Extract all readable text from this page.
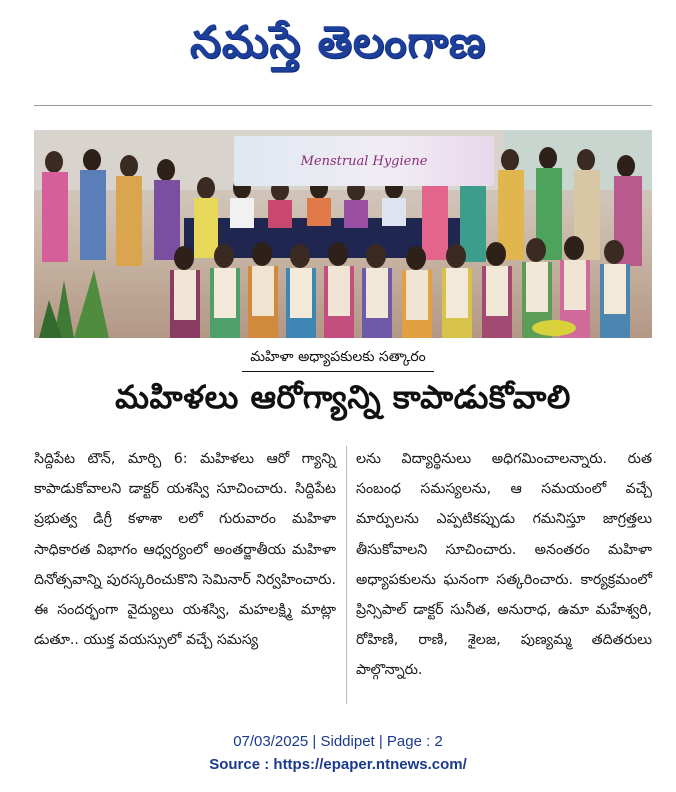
నమస్తే తెలంగాణ
Menstrual Hygiene
మహిళా అధ్యాపకులకు సత్కారం
మహిళలు ఆరోగ్యాన్ని కాపాడుకోవాలి
సిద్దిపేట టౌన్, మార్చి 6: మహిళలు ఆరో గ్యాన్ని కాపాడుకోవాలని డాక్టర్ యశస్వి సూచించారు. సిద్దిపేట ప్రభుత్వ డిగ్రీ కళాశా లలో గురువారం మహిళా సాధికారత విభాగం ఆధ్వర్యంలో అంతర్జాతీయ మహిళా దినోత్సవాన్ని పురస్కరించుకొని సెమినార్ నిర్వహించారు. ఈ సందర్భంగా వైద్యులు యశస్వి, మహలక్ష్మి మాట్లా డుతూ.. యుక్త వయస్సులో వచ్చే సమస్య
లను విద్యార్థినులు అధిగమించాలన్నారు. రుత సంబంధ సమస్యలను, ఆ సమయంలో వచ్చే మార్పులను ఎప్పటికప్పుడు గమనిస్తూ జాగ్రత్తలు తీసుకోవాలని సూచించారు. అనంతరం మహిళా అధ్యాపకులను ఘనంగా సత్కరించారు. కార్యక్రమంలో ప్రిన్సిపాల్ డాక్టర్ సునీత, అనురాధ, ఉమా మహేశ్వరి, రోహిణి, రాణి, శైలజ, పుణ్యమ్మ తదితరులు పాల్గొన్నారు.
07/03/2025 | Siddipet | Page : 2
Source : https://epaper.ntnews.com/
